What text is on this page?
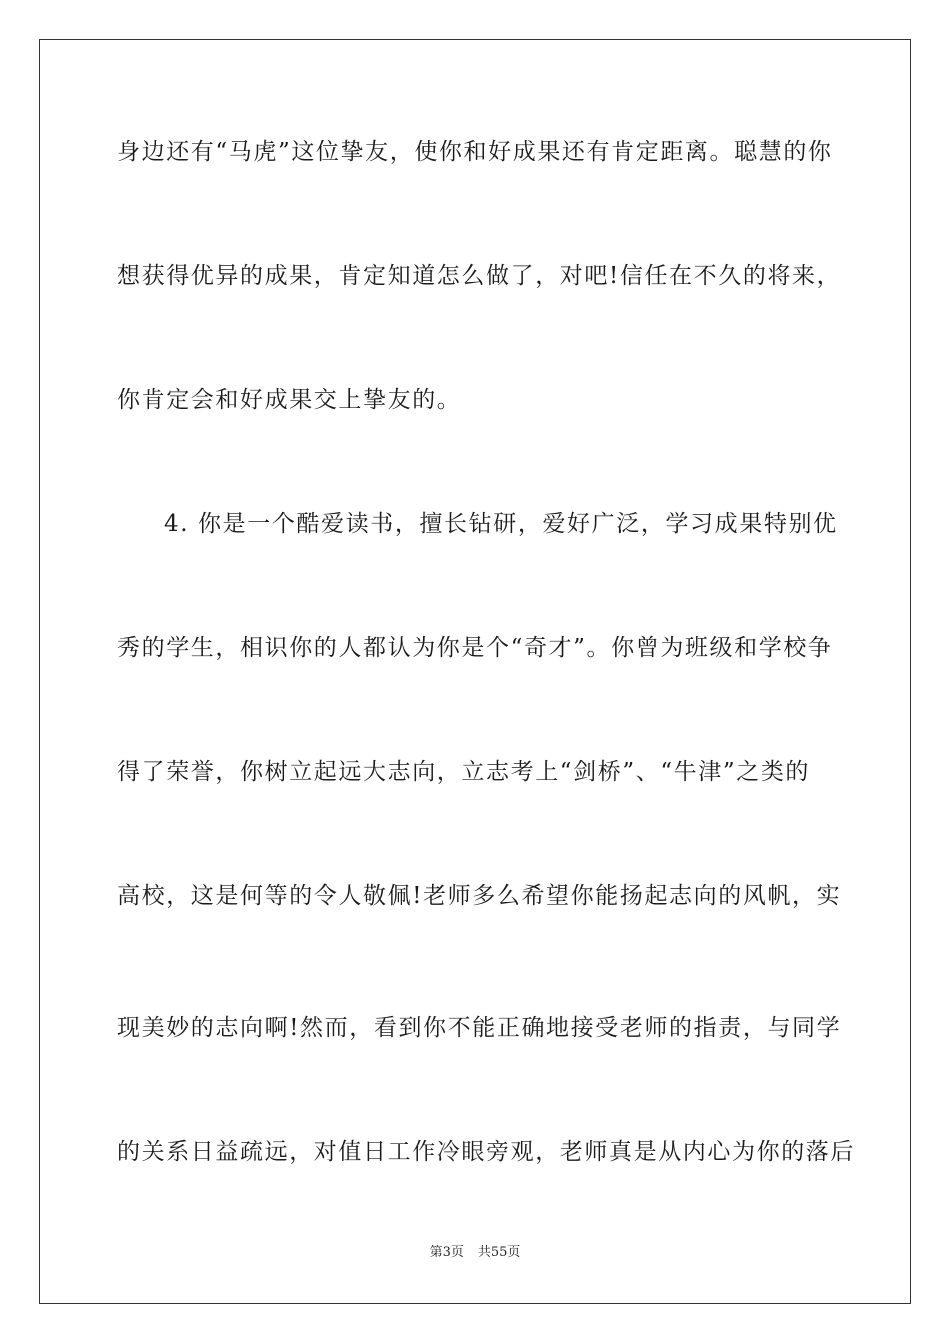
身边还有“马虎”这位挚友，使你和好成果还有肯定距离。聪慧的你
想获得优异的成果，肯定知道怎么做了，对吧!信任在不久的将来，
你肯定会和好成果交上挚友的。
4. 你是一个酷爱读书，擅长钻研，爱好广泛，学习成果特别优
秀的学生，相识你的人都认为你是个“奇才”。你曾为班级和学校争
得了荣誉，你树立起远大志向，立志考上“剑桥”、“牛津”之类的
高校，这是何等的令人敬佩!老师多么希望你能扬起志向的风帆，实
现美妙的志向啊!然而，看到你不能正确地接受老师的指责，与同学
的关系日益疏远，对值日工作冷眼旁观，老师真是从内心为你的落后
第3页 共55页
